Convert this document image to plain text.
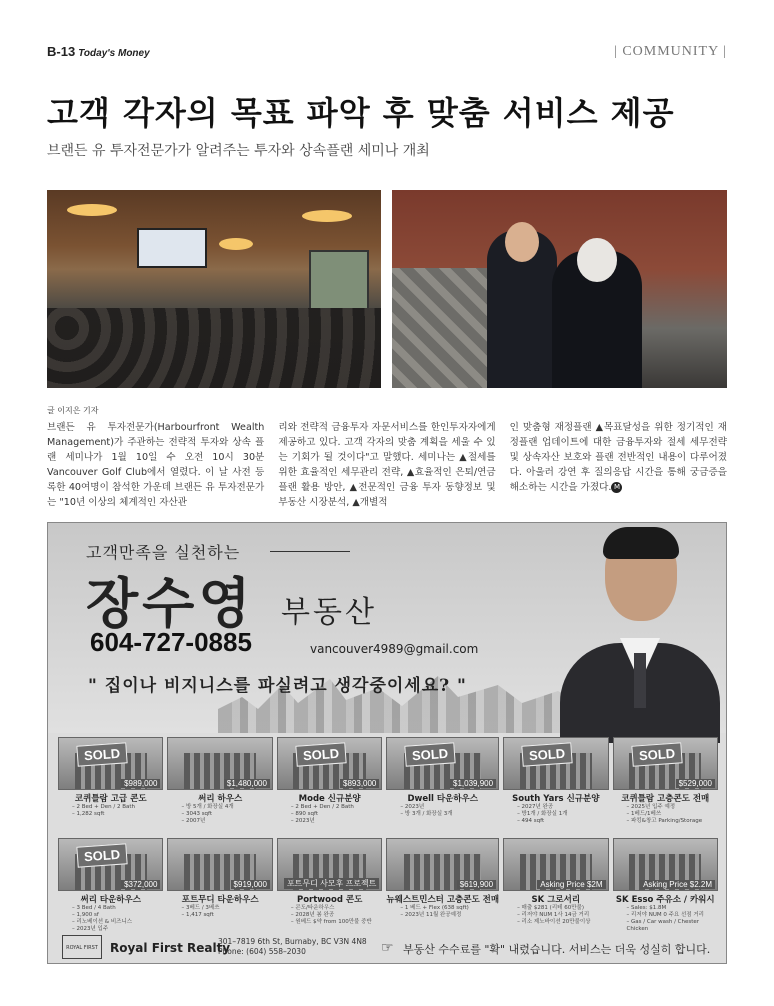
B-13 Today's Money	| COMMUNITY |
고객 각자의 목표 파악 후 맞춤 서비스 제공
브랜든 유 투자전문가가 알려주는 투자와 상속플랜 세미나 개최
글 이지은 기자
브랜든 유 투자전문가(Harbourfront Wealth Management)가 주관하는 전략적 투자와 상속 플랜 세미나가 1월 10일 수 오전 10시 30분 Vancouver Golf Club에서 열렸다. 이 날 사전 등록한 40여명이 참석한 가운데 브랜든 유 투자전문가는 "10년 이상의 체계적인 자산관
리와 전략적 금융투자 자문서비스를 한인투자자에게 제공하고 있다. 고객 각자의 맞춤 계획을 세울 수 있는 기회가 될 것이다"고 말했다. 세미나는 ▲절세를 위한 효율적인 세무관리 전략, ▲효율적인 은퇴/연금 플랜 활용 방안, ▲전문적인 금융 투자 동향정보 및 부동산 시장분석, ▲개별적
인 맞춤형 재정플랜 ▲목표달성을 위한 정기적인 재정플랜 업데이트에 대한 금융투자와 절세 세무전략 및 상속자산 보호와 플랜 전반적인 내용이 다루어졌다. 아울러 강연 후 질의응답 시간을 통해 궁금증을 해소하는 시간을 가졌다. M
고객만족을 실천하는
장수영 부동산
604-727-0885	vancouver4989@gmail.com
" 집이나 비지니스를 파실려고 생각중이세요? "
SOLD
$989,000
코퀴틀람 고급 콘도
– 2 Bed + Den / 2 Bath
– 1,282 sqft
$1,480,000
써리 하우스
– 방 5개 / 화장실 4개
– 3043 sqft
– 2007년
SOLD
$893,000
Mode 신규분양
– 2 Bed + Den / 2 Bath
– 890 sqft
– 2023년
SOLD
$1,039,900
Dwell 타운하우스
– 2023년
– 방 3개 / 화장실 3개
SOLD
South Yars 신규분양
– 2027년 완공
– 방1개 / 화장실 1개
– 494 sqft
SOLD
$529,000
코퀴틀람 고층콘도 전매
– 2025년 입주 예정
– 1베드/1베쓰
– 파킹&창고 Parking/Storage
SOLD
$372,000
써리 타운하우스
– 3 Bed / 4 Bath
– 1,900 sf
– 리노베이션 & 비즈니스
– 2023년 입주
$919,000
포트무디 타운하우스
– 3베드 / 3베쓰
– 1,417 sqft
포트무디 사모후 프로젝트
Portwood 콘도
– 콘도/타운하우스
– 2028년 봄 완공
– 원베드 $약 from 100만불 중반
$619,900
뉴웨스트민스터 고층콘도 전매
– 1 베드 + Flex (638 sqft)
– 2023년 11월 완공예정
Asking Price $2M
SK 그로서리
– 매출 $281 (리테 60만불)
– 리저야 NUM 1사 14금 거리
– 리소 제노바이션 20만불이상
Asking Price $2.2M
SK Esso 주유소 / 카워시
– Sales: $1.8M
– 리저야 NUM 0 주요 선점 거리
– Gas / Car wash / Chester Chicken
ROYAL FIRST	Royal First Realty
301–7819 6th St, Burnaby, BC V3N 4N8
Phone: (604) 558–2030	☞ 부동산 수수료를 "확" 내렸습니다. 서비스는 더욱 성실히 합니다.
